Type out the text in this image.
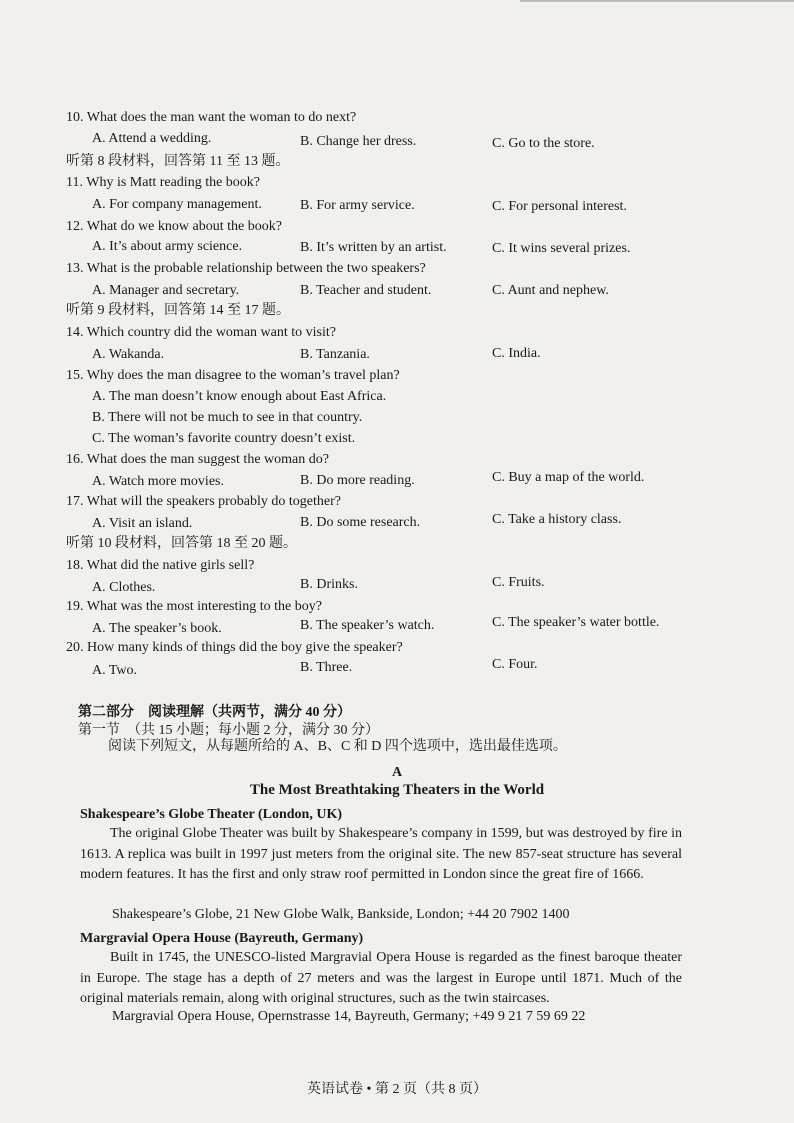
10. What does the man want the woman to do next?
A. Attend a wedding.	B. Change her dress.	C. Go to the store.
听第 8 段材料，回答第 11 至 13 题。
11. Why is Matt reading the book?
A. For company management.	B. For army service.	C. For personal interest.
12. What do we know about the book?
A. It’s about army science.	B. It’s written by an artist.	C. It wins several prizes.
13. What is the probable relationship between the two speakers?
A. Manager and secretary.	B. Teacher and student.	C. Aunt and nephew.
听第 9 段材料，回答第 14 至 17 题。
14. Which country did the woman want to visit?
A. Wakanda.	B. Tanzania.	C. India.
15. Why does the man disagree to the woman’s travel plan?
A. The man doesn’t know enough about East Africa.
B. There will not be much to see in that country.
C. The woman’s favorite country doesn’t exist.
16. What does the man suggest the woman do?
A. Watch more movies.	B. Do more reading.	C. Buy a map of the world.
17. What will the speakers probably do together?
A. Visit an island.	B. Do some research.	C. Take a history class.
听第 10 段材料，回答第 18 至 20 题。
18. What did the native girls sell?
A. Clothes.	B. Drinks.	C. Fruits.
19. What was the most interesting to the boy?
A. The speaker’s book.	B. The speaker’s watch.	C. The speaker’s water bottle.
20. How many kinds of things did the boy give the speaker?
A. Two.	B. Three.	C. Four.
第二部分　阅读理解（共两节，满分 40 分）
第一节　（共 15 小题；每小题 2 分，满分 30 分）
阅读下列短文，从每题所给的 A、B、C 和 D 四个选项中，选出最佳选项。
A
The Most Breathtaking Theaters in the World
Shakespeare’s Globe Theater (London, UK)
The original Globe Theater was built by Shakespeare’s company in 1599, but was destroyed by fire in 1613. A replica was built in 1997 just meters from the original site. The new 857-seat structure has several modern features. It has the first and only straw roof permitted in London since the great fire of 1666.
Shakespeare’s Globe, 21 New Globe Walk, Bankside, London; +44 20 7902 1400
Margravial Opera House (Bayreuth, Germany)
Built in 1745, the UNESCO-listed Margravial Opera House is regarded as the finest baroque theater in Europe. The stage has a depth of 27 meters and was the largest in Europe until 1871. Much of the original materials remain, along with original structures, such as the twin staircases.
Margravial Opera House, Opernstrasse 14, Bayreuth, Germany; +49 9 21 7 59 69 22
英语试卷 • 第 2 页（共 8 页）
